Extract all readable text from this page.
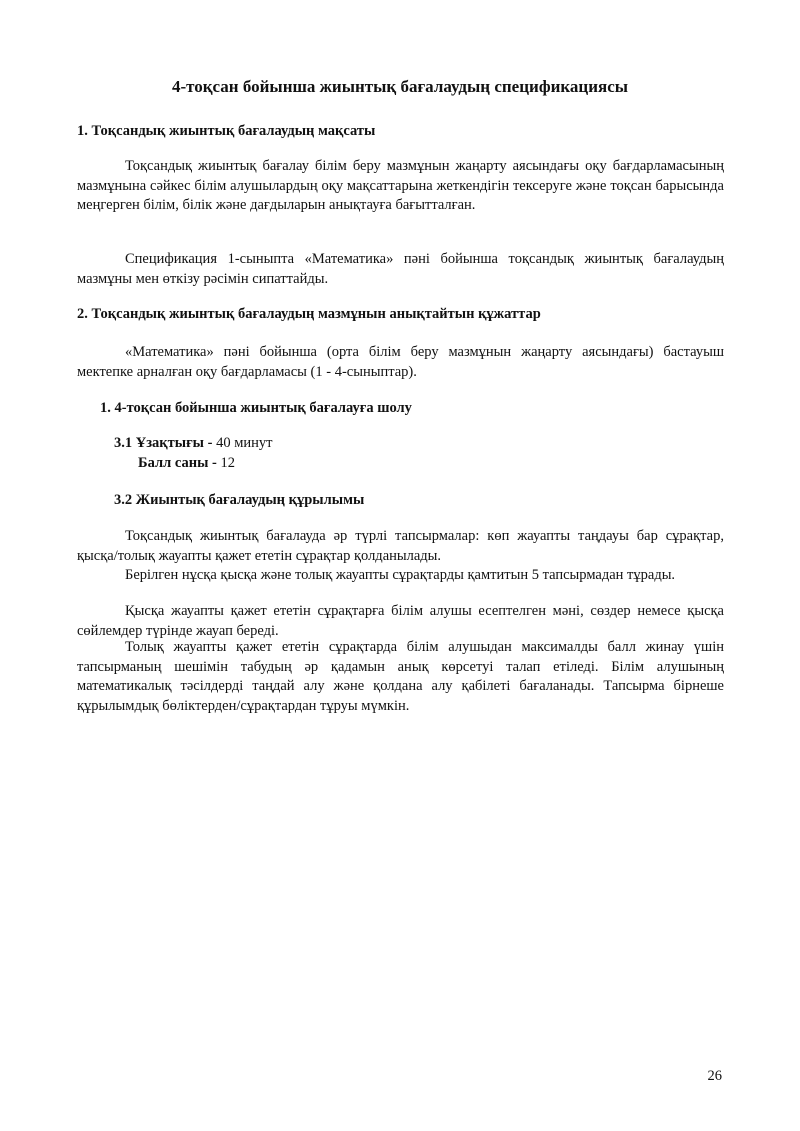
4-тоқсан бойынша жиынтық бағалаудың спецификациясы
1. Тоқсандық жиынтық бағалаудың мақсаты
Тоқсандық жиынтық бағалау білім беру мазмұнын жаңарту аясындағы оқу бағдарламасының мазмұнына сәйкес білім алушылардың оқу мақсаттарына жеткендігін тексеруге және тоқсан барысында меңгерген білім, білік және дағдыларын анықтауға бағытталған.
Спецификация 1-сыныпта «Математика» пәні бойынша тоқсандық жиынтық бағалаудың мазмұны мен өткізу рәсімін сипаттайды.
2. Тоқсандық жиынтық бағалаудың мазмұнын анықтайтын құжаттар
«Математика» пәні бойынша (орта білім беру мазмұнын жаңарту аясындағы) бастауыш мектепке арналған оқу бағдарламасы (1 - 4-сыныптар).
1. 4-тоқсан бойынша жиынтық бағалауға шолу
3.1 Ұзақтығы - 40 минут
Балл саны - 12
3.2 Жиынтық бағалаудың құрылымы
Тоқсандық жиынтық бағалауда әр түрлі тапсырмалар: көп жауапты таңдауы бар сұрақтар, қысқа/толық жауапты қажет ететін сұрақтар қолданылады.
Берілген нұсқа қысқа және толық жауапты сұрақтарды қамтитын 5 тапсырмадан тұрады.
Қысқа жауапты қажет ететін сұрақтарға білім алушы есептелген мәні, сөздер немесе қысқа сөйлемдер түрінде жауап береді.
Толық жауапты қажет ететін сұрақтарда білім алушыдан максималды балл жинау үшін тапсырманың шешімін табудың әр қадамын анық көрсетуі талап етіледі. Білім алушының математикалық тәсілдерді таңдай алу және қолдана алу қабілеті бағаланады. Тапсырма бірнеше құрылымдық бөліктерден/сұрақтардан тұруы мүмкін.
26
